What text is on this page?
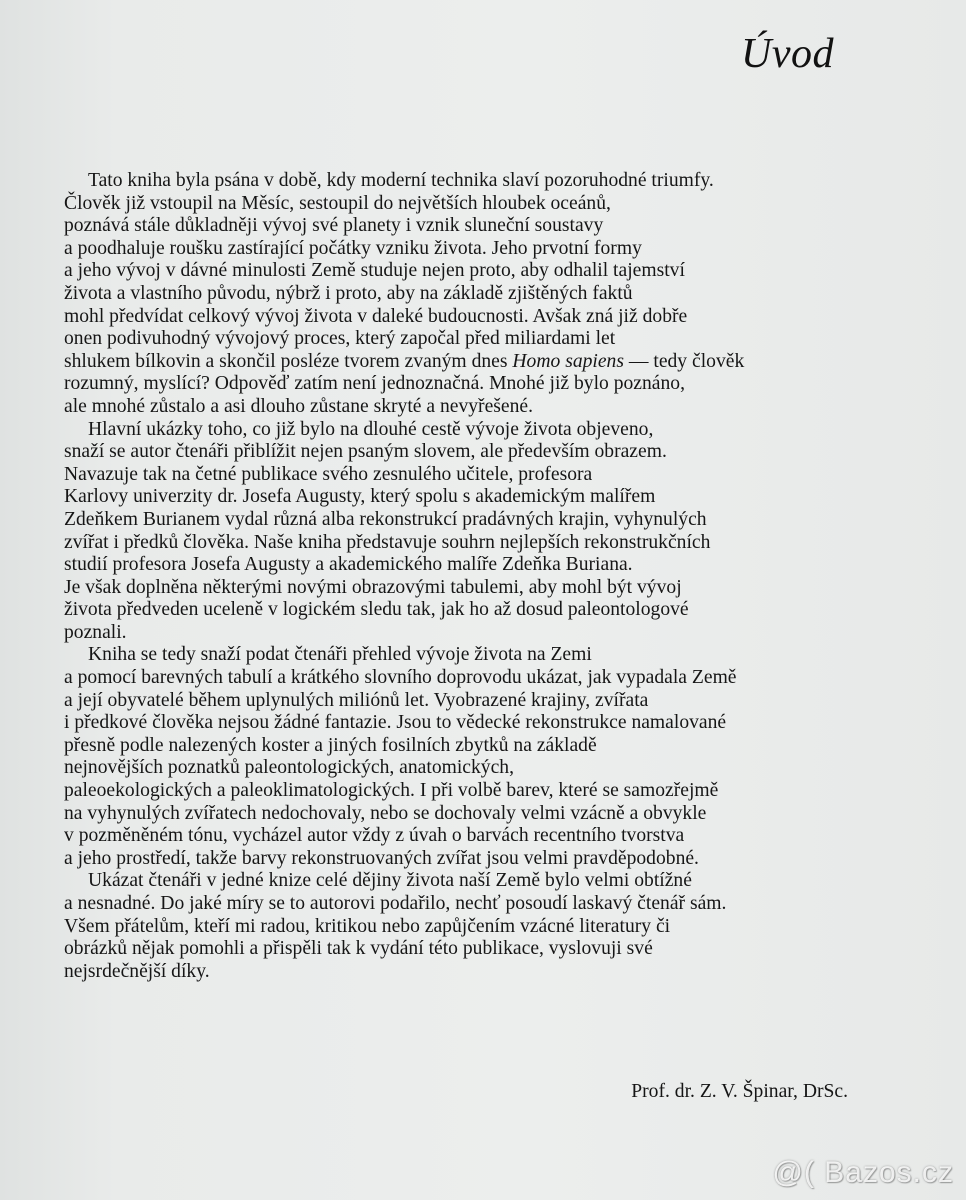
Úvod
Tato kniha byla psána v době, kdy moderní technika slaví pozoruhodné triumfy.
Člověk již vstoupil na Měsíc, sestoupil do největších hloubek oceánů,
poznává stále důkladněji vývoj své planety i vznik sluneční soustavy
a poodhaluje roušku zastírající počátky vzniku života. Jeho prvotní formy
a jeho vývoj v dávné minulosti Země studuje nejen proto, aby odhalil tajemství
života a vlastního původu, nýbrž i proto, aby na základě zjištěných faktů
mohl předvídat celkový vývoj života v daleké budoucnosti. Avšak zná již dobře
onen podivuhodný vývojový proces, který započal před miliardami let
shlukem bílkovin a skončil posléze tvorem zvaným dnes Homo sapiens — tedy člověk
rozumný, myslící? Odpověď zatím není jednoznačná. Mnohé již bylo poznáno,
ale mnohé zůstalo a asi dlouho zůstane skryté a nevyřešené.
Hlavní ukázky toho, co již bylo na dlouhé cestě vývoje života objeveno,
snaží se autor čtenáři přiblížit nejen psaným slovem, ale především obrazem.
Navazuje tak na četné publikace svého zesnulého učitele, profesora
Karlovy univerzity dr. Josefa Augusty, který spolu s akademickým malířem
Zdeňkem Burianem vydal různá alba rekonstrukcí pradávných krajin, vyhynulých
zvířat i předků člověka. Naše kniha představuje souhrn nejlepších rekonstrukčních
studií profesora Josefa Augusty a akademického malíře Zdeňka Buriana.
Je však doplněna některými novými obrazovými tabulemi, aby mohl být vývoj
života předveden uceleně v logickém sledu tak, jak ho až dosud paleontologové
poznali.
Kniha se tedy snaží podat čtenáři přehled vývoje života na Zemi
a pomocí barevných tabulí a krátkého slovního doprovodu ukázat, jak vypadala Země
a její obyvatelé během uplynulých miliónů let. Vyobrazené krajiny, zvířata
i předkové člověka nejsou žádné fantazie. Jsou to vědecké rekonstrukce namalované
přesně podle nalezených koster a jiných fosilních zbytků na základě
nejnovějších poznatků paleontologických, anatomických,
paleoekologických a paleoklimatologických. I při volbě barev, které se samozřejmě
na vyhynulých zvířatech nedochovaly, nebo se dochovaly velmi vzácně a obvykle
v pozměněném tónu, vycházel autor vždy z úvah o barvách recentního tvorstva
a jeho prostředí, takže barvy rekonstruovaných zvířat jsou velmi pravděpodobné.
Ukázat čtenáři v jedné knize celé dějiny života naší Země bylo velmi obtížné
a nesnadné. Do jaké míry se to autorovi podařilo, nechť posoudí laskavý čtenář sám.
Všem přátelům, kteří mi radou, kritikou nebo zapůjčením vzácné literatury či
obrázků nějak pomohli a přispěli tak k vydání této publikace, vyslovuji své
nejsrdečnější díky.
Prof. dr. Z. V. Špinar, DrSc.
@( Bazos.cz
